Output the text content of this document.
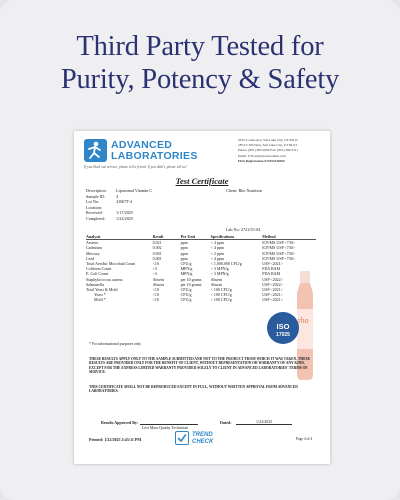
Third Party Tested for
Purity, Potency & Safety
ADVANCED
LABORATORIES
If you liked our service, please tell a friend. If you didn't, please tell us!
40 W Louise Ave, Salt Lake City, UT 84115
2874 S 300 West, Salt Lake City, UT 84115
Phone: (801) 485-2000 Fax: (801) 484-0111
Email: UTLab@advancedlabs.com
FDA Registration #14355128300
Test Certificate
Client: Rho Nutrition
Description:	Liposomal Vitamin C
Sample ID:	4
Lot No:	41007T-4
Location:
Received:	1/17/2025
Completed:	1/22/2025
Lab No: 2721/35-04
Analysis	Result	Per Unit	Specifications	Method
Arsenic	0.021	ppm	< 4 ppm	ICP/MS USP <730>
Cadmium	0.002	ppm	< 4 ppm	ICP/MS USP <730>
Mercury	0.001	ppm	< 2 ppm	ICP/MS USP <730>
Lead	0.001	ppm	< 4 ppm	ICP/MS USP <730>
Total Aerobic Microbial Count	<10	CFU/g	< 1,000,000 CFU/g	USP <2021>
Coliform Count	<3	MPN/g	< 3 MPN/g	FDA BAM
E. Coli Count	<3	MPN/g	< 3 MPN/g	FDA BAM
Staphylococcus aureus	Absent	per 10 grams	Absent	USP <2022>
Salmonella	Absent	per 10 grams	Absent	USP <2022>
Total Yeast & Mold	<10	CFU/g	< 100 CFU/g	USP <2021>
Yeast *	<10	CFU/g	< 100 CFU/g	USP <2021>
Mold *	<10	CFU/g	< 100 CFU/g	USP <2021>
* For informational purposes only.
rho
ISO
17025
THESE RESULTS APPLY ONLY TO THE SAMPLE SUBMITTED AND NOT TO THE PRODUCT FROM WHICH IT WAS TAKEN. THESE RESULTS ARE PROVIDED ONLY FOR THE BENEFIT OF CLIENT, WITHOUT REPRESENTATION OR WARRANTY OF ANY KIND, EXCEPT FOR THE EXPRESS LIMITED WARRANTY PROVIDED SOLELY TO CLIENT IN ADVANCED LABORATORIES' TERMS OF SERVICE.
THIS CERTIFICATE SHALL NOT BE REPRODUCED EXCEPT IN FULL, WITHOUT WRITTEN APPROVAL FROM ADVANCED LABORATORIES.
Results Approved By:
Levi Mass-Quality Technician
Dated:	1/22/2025
Printed: 1/22/2025 2:43:11 PM	Page 4 of 4
TREND
CHECK
